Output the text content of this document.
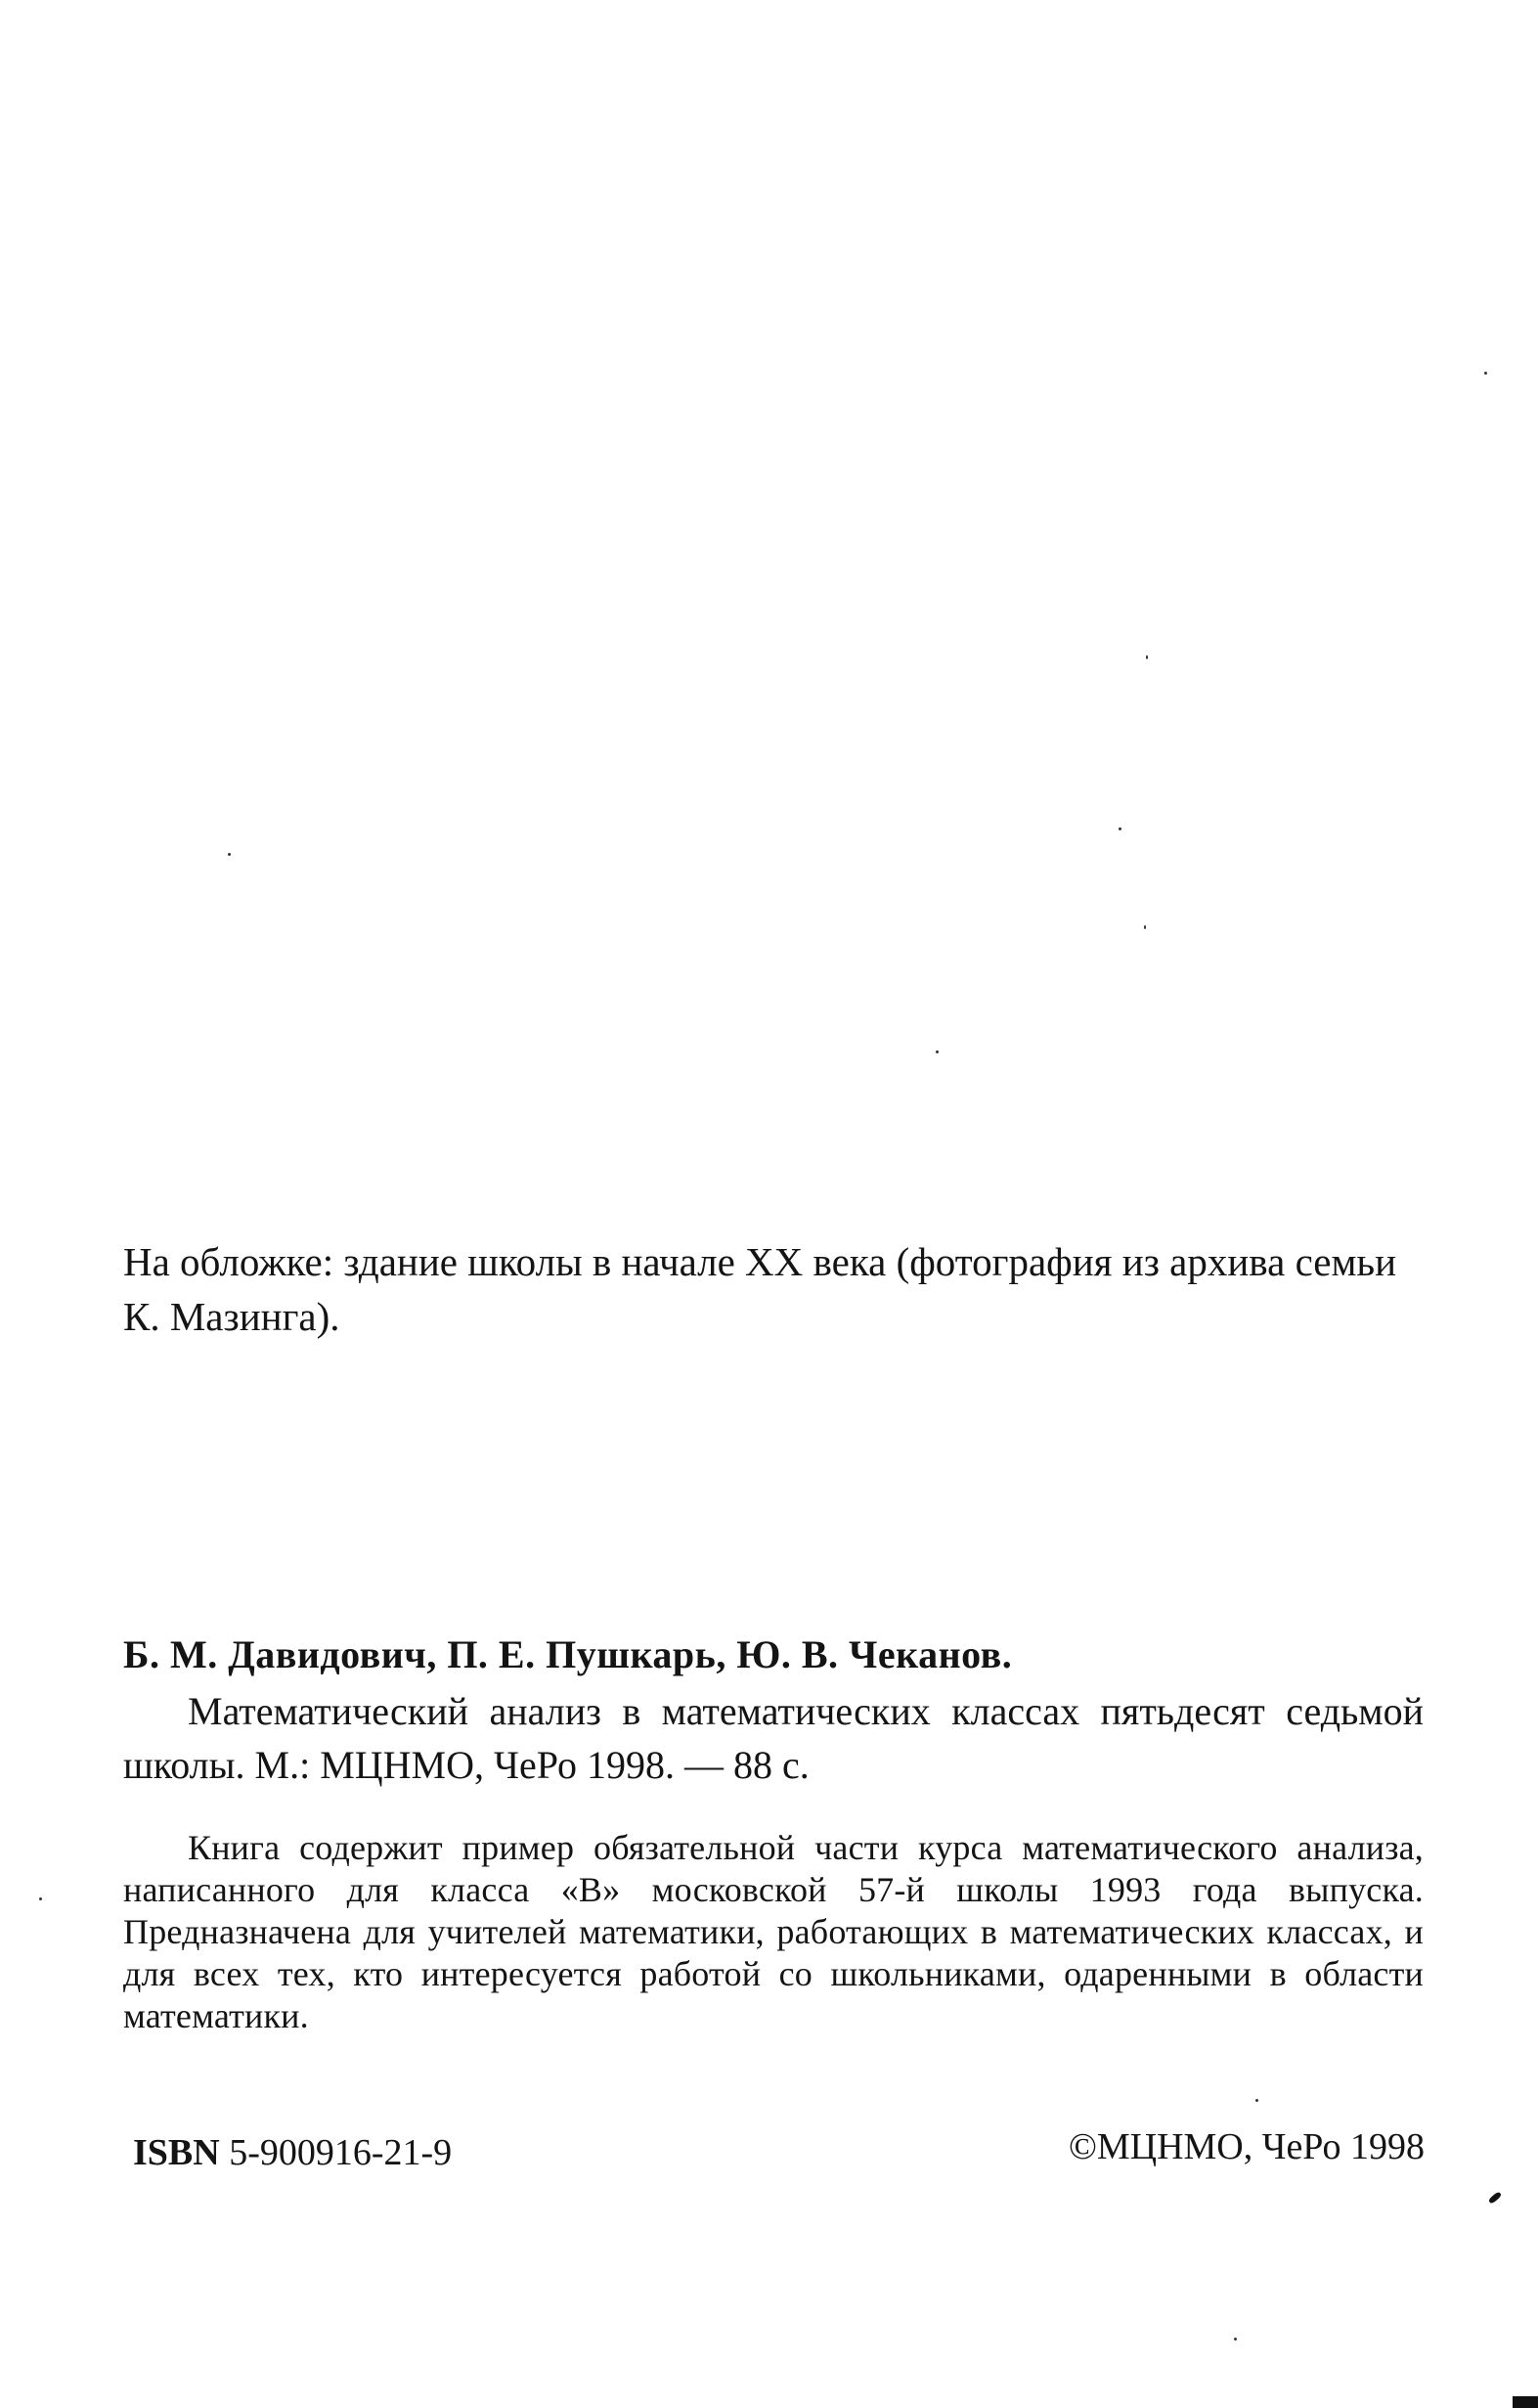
На обложке: здание школы в начале XX века (фотография из архива семьи К. Мазинга).
Б. М. Давидович, П. Е. Пушкарь, Ю. В. Чеканов.
Математический анализ в математических классах пятьдесят седьмой школы. М.: МЦНМО, ЧеРо 1998. — 88 с.
Книга содержит пример обязательной части курса математического анализа, написанного для класса «В» московской 57-й школы 1993 года выпуска. Предназначена для учителей математики, работающих в математических классах, и для всех тех, кто интересуется работой со школьниками, одаренными в области математики.
ISBN 5-900916-21-9	©МЦНМО, ЧеРо 1998
